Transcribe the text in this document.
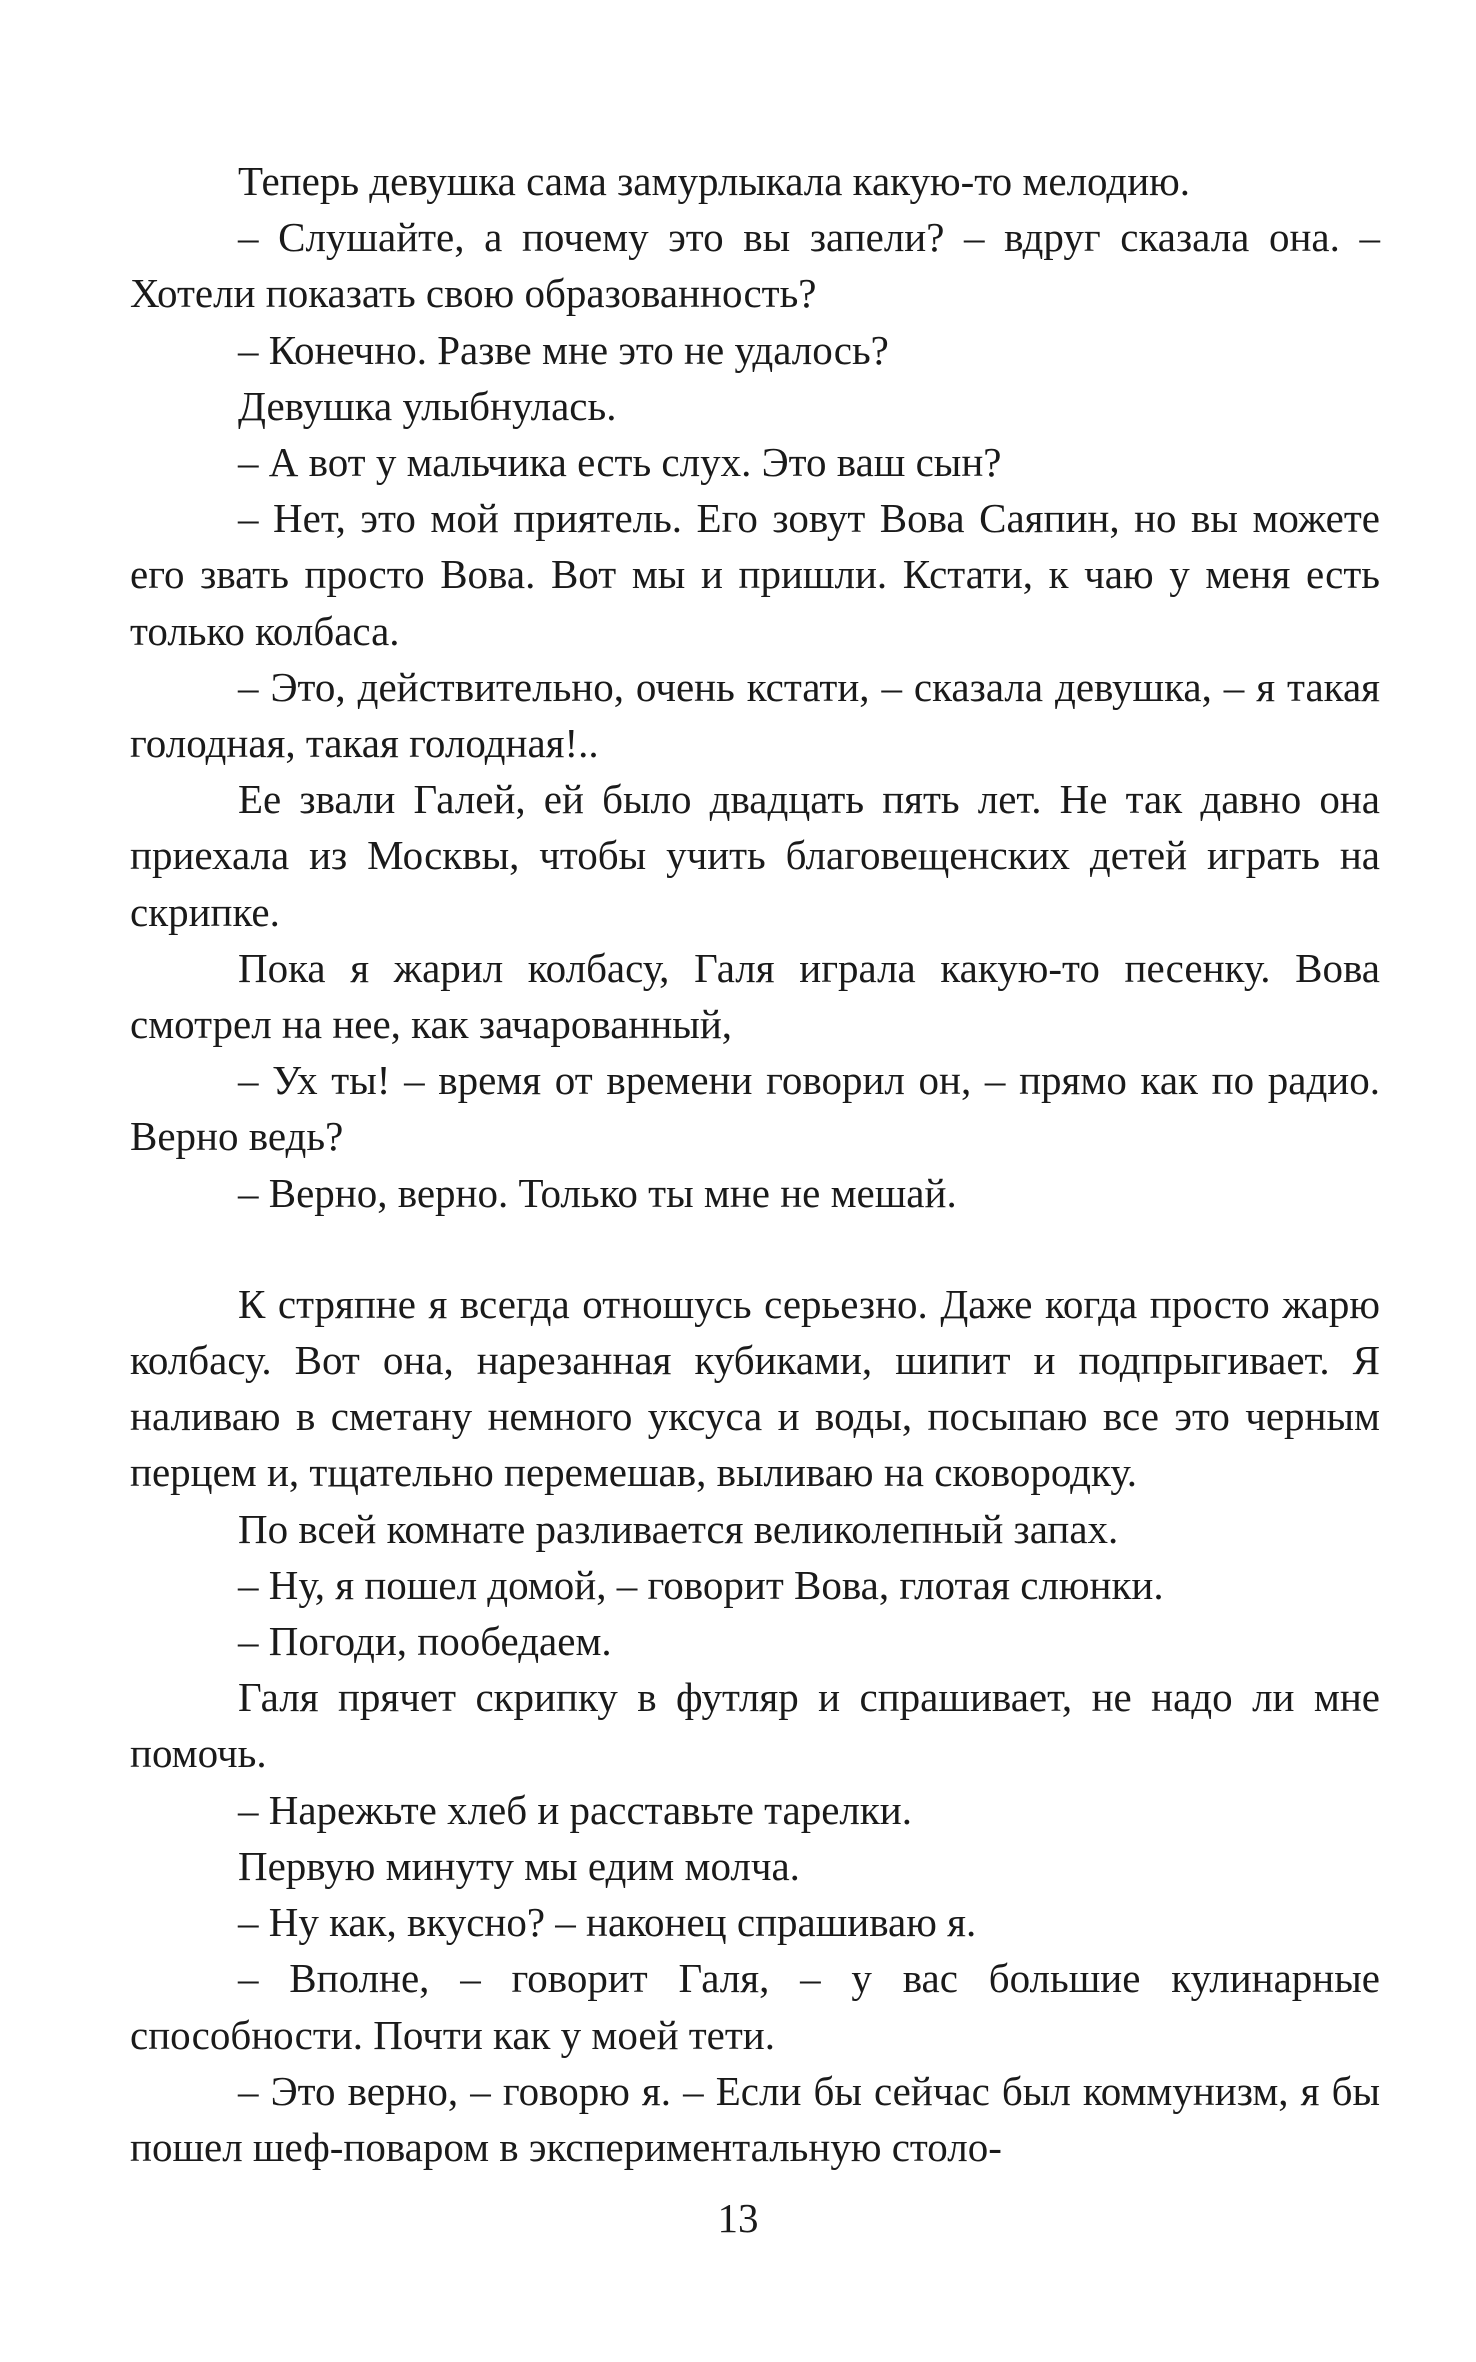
Теперь девушка сама замурлыкала какую-то мелодию.

– Слушайте, а почему это вы запели? – вдруг сказала она. – Хотели показать свою образованность?

– Конечно. Разве мне это не удалось?

Девушка улыбнулась.

– А вот у мальчика есть слух. Это ваш сын?

– Нет, это мой приятель. Его зовут Вова Саяпин, но вы можете его звать просто Вова. Вот мы и пришли. Кстати, к чаю у меня есть только колбаса.

– Это, действительно, очень кстати, – сказала девушка, – я такая голодная, такая голодная!..

Ее звали Галей, ей было двадцать пять лет. Не так давно она приехала из Москвы, чтобы учить благовещенских детей играть на скрипке.

Пока я жарил колбасу, Галя играла какую-то песенку. Вова смотрел на нее, как зачарованный,

– Ух ты! – время от времени говорил он, – прямо как по радио. Верно ведь?

– Верно, верно. Только ты мне не мешай.

К стряпне я всегда отношусь серьезно. Даже когда просто жарю колбасу. Вот она, нарезанная кубиками, шипит и подпрыгивает. Я наливаю в сметану немного уксуса и воды, посыпаю все это черным перцем и, тщательно перемешав, выливаю на сковородку.

По всей комнате разливается великолепный запах.

– Ну, я пошел домой, – говорит Вова, глотая слюнки.

– Погоди, пообедаем.

Галя прячет скрипку в футляр и спрашивает, не надо ли мне помочь.

– Нарежьте хлеб и расставьте тарелки.

Первую минуту мы едим молча.

– Ну как, вкусно? – наконец спрашиваю я.

– Вполне, – говорит Галя, – у вас большие кулинарные способности. Почти как у моей тети.

– Это верно, – говорю я. – Если бы сейчас был коммунизм, я бы пошел шеф-поваром в экспериментальную столо-

13
